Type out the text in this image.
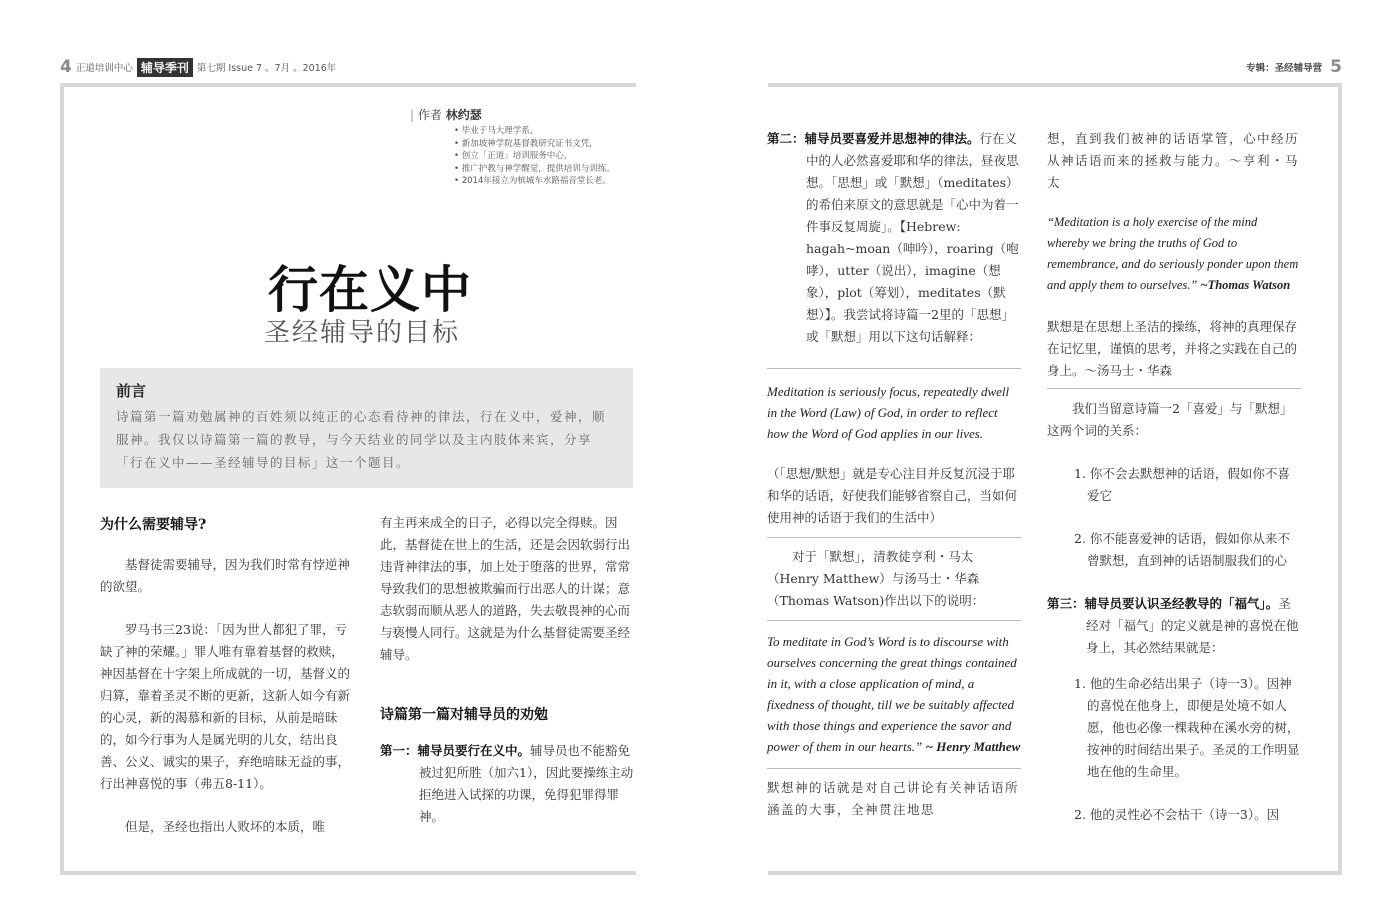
4 正道培训中心 辅导季刊 第七期 Issue 7 。7月 。2016年	专辑：圣经辅导营 5
| 作者 林约瑟
• 毕业于马大理学系，
• 新加坡神学院基督教研究证书文凭，
• 创立「正道」培训服务中心，
• 推广护教与神学醒觉，提供培训与训练。
• 2014年接立为槟城车水路福音堂长老。
行在义中
圣经辅导的目标
前言

诗篇第一篇劝勉属神的百姓须以纯正的心态看待神的律法，行在义中，爱神，顺服神。我仅以诗篇第一篇的教导，与今天结业的同学以及主内肢体来宾，分享「行在义中——圣经辅导的目标」这一个题目。

为什么需要辅导?

基督徒需要辅导，因为我们时常有悖逆神的欲望。

罗马书三23说：「因为世人都犯了罪，亏缺了神的荣耀。」罪人唯有靠着基督的救赎，神因基督在十字架上所成就的一切，基督义的归算，靠着圣灵不断的更新，这新人如今有新的心灵，新的渴慕和新的目标，从前是暗昧的，如今行事为人是属光明的儿女，结出良善、公义、诚实的果子，弃绝暗昧无益的事，行出神喜悦的事（弗五8-11）。

但是，圣经也指出人败坏的本质，唯

有主再来成全的日子，必得以完全得赎。因此，基督徒在世上的生活，还是会因软弱行出违背神律法的事，加上处于堕落的世界，常常导致我们的思想被欺骗而行出恶人的计谋；意志软弱而顺从恶人的道路，失去敬畏神的心而与亵慢人同行。这就是为什么基督徒需要圣经辅导。

诗篇第一篇对辅导员的劝勉

第一：辅导员要行在义中。辅导员也不能豁免被过犯所胜（加六1），因此要操练主动拒绝进入试探的功课，免得犯罪得罪神。

第二：辅导员要喜爱并思想神的律法。行在义中的人必然喜爱耶和华的律法，昼夜思想。「思想」或「默想」（meditates）的希伯来原文的意思就是「心中为着一件事反复周旋」。【Hebrew: hagah~moan（呻吟），roaring（咆哮），utter（说出），imagine（想象），plot（筹划），meditates（默想）】。我尝试将诗篇一2里的「思想」或「默想」用以下这句话解释：

Meditation is seriously focus, repeatedly dwell in the Word (Law) of God, in order to reflect how the Word of God applies in our lives.
（「思想/默想」就是专心注目并反复沉浸于耶和华的话语，好使我们能够省察自己，当如何使用神的话语于我们的生活中）
对于「默想」，清教徒亨利・马太（Henry Matthew）与汤马士・华森（Thomas Watson)作出以下的说明：
To meditate in God’s Word is to discourse with ourselves concerning the great things contained in it, with a close application of mind, a fixedness of thought, till we be suitably affected with those things and experience the savor and power of them in our hearts.” ~ Henry Matthew
默想神的话就是对自己讲论有关神话语所涵盖的大事，全神贯注地思
想，直到我们被神的话语掌管，心中经历从神话语而来的拯救与能力。～亨利・马太
“Meditation is a holy exercise of the mind whereby we bring the truths of God to remembrance, and do seriously ponder upon them and apply them to ourselves.” ~Thomas Watson
默想是在思想上圣洁的操练，将神的真理保存在记忆里，谨慎的思考，并将之实践在自己的身上。～汤马士・华森

我们当留意诗篇一2「喜爱」与「默想」这两个词的关系：

1. 你不会去默想神的话语，假如你不喜爱它

2. 你不能喜爱神的话语，假如你从来不曾默想，直到神的话语制服我们的心

第三：辅导员要认识圣经教导的「福气」。圣经对「福气」的定义就是神的喜悦在他身上，其必然结果就是：

1. 他的生命必结出果子（诗一3）。因神的喜悦在他身上，即便是处境不如人愿，他也必像一棵栽种在溪水旁的树，按神的时间结出果子。圣灵的工作明显地在他的生命里。

2. 他的灵性必不会枯干（诗一3）。因
